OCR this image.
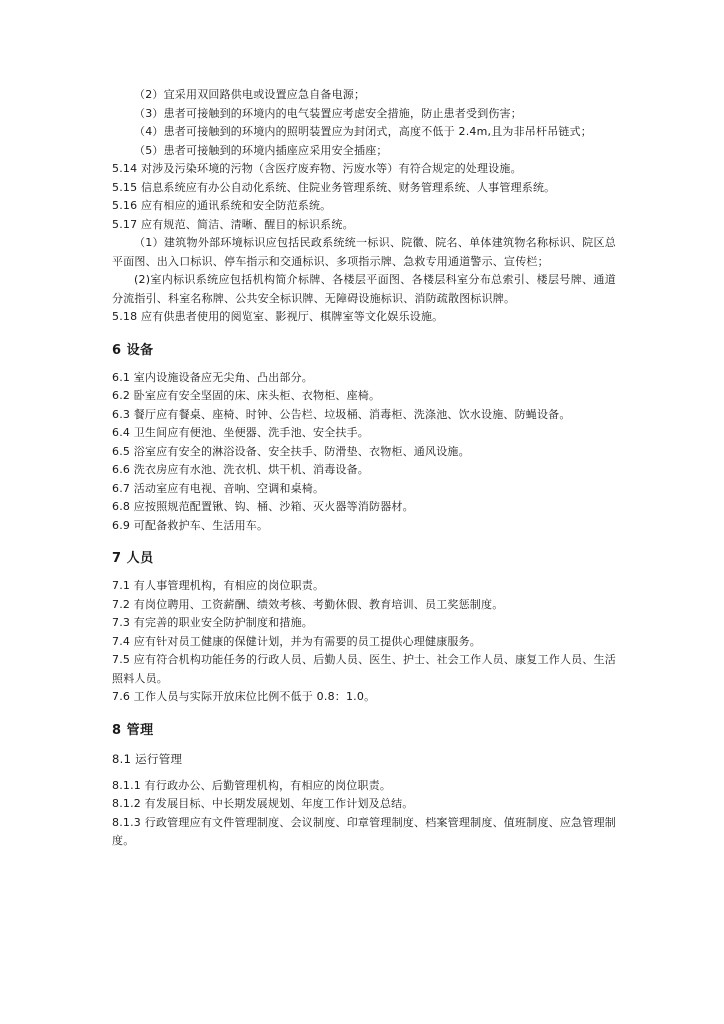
（2）宜采用双回路供电或设置应急自备电源；
（3）患者可接触到的环境内的电气装置应考虑安全措施，防止患者受到伤害；
（4）患者可接触到的环境内的照明装置应为封闭式，高度不低于 2.4m,且为非吊杆吊链式；
（5）患者可接触到的环境内插座应采用安全插座；
5.14 对涉及污染环境的污物（含医疗废弃物、污废水等）有符合规定的处理设施。
5.15 信息系统应有办公自动化系统、住院业务管理系统、财务管理系统、人事管理系统。
5.16 应有相应的通讯系统和安全防范系统。
5.17 应有规范、简洁、清晰、醒目的标识系统。
（1）建筑物外部环境标识应包括民政系统统一标识、院徽、院名、单体建筑物名称标识、院区总平面图、出入口标识、停车指示和交通标识、多项指示牌、急救专用通道警示、宣传栏；
(2)室内标识系统应包括机构简介标牌、各楼层平面图、各楼层科室分布总索引、楼层号牌、通道分流指引、科室名称牌、公共安全标识牌、无障碍设施标识、消防疏散图标识牌。
5.18 应有供患者使用的阅览室、影视厅、棋牌室等文化娱乐设施。
6 设备
6.1 室内设施设备应无尖角、凸出部分。
6.2 卧室应有安全坚固的床、床头柜、衣物柜、座椅。
6.3 餐厅应有餐桌、座椅、时钟、公告栏、垃圾桶、消毒柜、洗涤池、饮水设施、防蝇设备。
6.4 卫生间应有便池、坐便器、洗手池、安全扶手。
6.5 浴室应有安全的淋浴设备、安全扶手、防滑垫、衣物柜、通风设施。
6.6 洗衣房应有水池、洗衣机、烘干机、消毒设备。
6.7 活动室应有电视、音响、空调和桌椅。
6.8 应按照规范配置锹、钩、桶、沙箱、灭火器等消防器材。
6.9 可配备救护车、生活用车。
7 人员
7.1 有人事管理机构，有相应的岗位职责。
7.2 有岗位聘用、工资薪酬、绩效考核、考勤休假、教育培训、员工奖惩制度。
7.3 有完善的职业安全防护制度和措施。
7.4 应有针对员工健康的保健计划，并为有需要的员工提供心理健康服务。
7.5 应有符合机构功能任务的行政人员、后勤人员、医生、护士、社会工作人员、康复工作人员、生活照料人员。
7.6 工作人员与实际开放床位比例不低于 0.8：1.0。
8 管理
8.1 运行管理
8.1.1 有行政办公、后勤管理机构，有相应的岗位职责。
8.1.2 有发展目标、中长期发展规划、年度工作计划及总结。
8.1.3 行政管理应有文件管理制度、会议制度、印章管理制度、档案管理制度、值班制度、应急管理制度。
